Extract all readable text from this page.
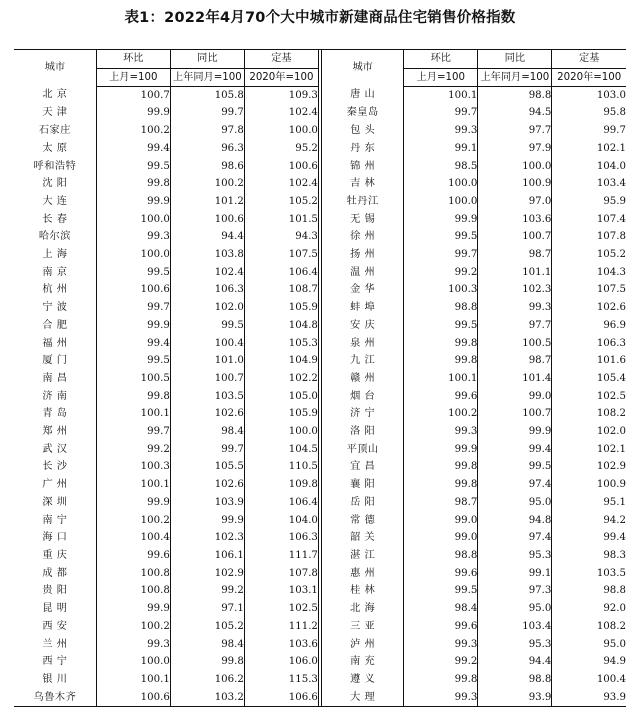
表1：2022年4月70个大中城市新建商品住宅销售价格指数
城市	环比	同比	定基		城市	环比	同比	定基
	上月=100	上年同月=100	2020年=100			上月=100	上年同月=100	2020年=100
北 京	100.7	105.8	109.3		唐 山	100.1	98.8	103.0
天 津	99.9	99.7	102.4		秦皇岛	99.7	94.5	95.8
石家庄	100.2	97.8	100.0		包 头	99.3	97.7	99.7
太 原	99.4	96.3	95.2		丹 东	99.1	97.9	102.1
呼和浩特	99.5	98.6	100.6		锦 州	98.5	100.0	104.0
沈 阳	99.8	100.2	102.4		吉 林	100.0	100.9	103.4
大 连	99.9	101.2	105.2		牡丹江	100.0	97.0	95.9
长 春	100.0	100.6	101.5		无 锡	99.9	103.6	107.4
哈尔滨	99.3	94.4	94.3		徐 州	99.5	100.7	107.8
上 海	100.0	103.8	107.5		扬 州	99.7	98.7	105.2
南 京	99.5	102.4	106.4		温 州	99.2	101.1	104.3
杭 州	100.6	106.3	108.7		金 华	100.3	102.3	107.5
宁 波	99.7	102.0	105.9		蚌 埠	98.8	99.3	102.6
合 肥	99.9	99.5	104.8		安 庆	99.5	97.7	96.9
福 州	99.4	100.4	105.3		泉 州	99.8	100.5	106.3
厦 门	99.5	101.0	104.9		九 江	99.8	98.7	101.6
南 昌	100.5	100.7	102.2		赣 州	100.1	101.4	105.4
济 南	99.8	103.5	105.0		烟 台	99.6	99.0	102.5
青 岛	100.1	102.6	105.9		济 宁	100.2	100.7	108.2
郑 州	99.7	98.4	100.0		洛 阳	99.3	99.9	102.0
武 汉	99.2	99.7	104.5		平顶山	99.9	99.4	102.1
长 沙	100.3	105.5	110.5		宜 昌	99.8	99.5	102.9
广 州	100.1	102.6	109.8		襄 阳	99.8	97.4	100.9
深 圳	99.9	103.9	106.4		岳 阳	98.7	95.0	95.1
南 宁	100.2	99.9	104.0		常 德	99.0	94.8	94.2
海 口	100.4	102.3	106.3		韶 关	99.0	97.4	99.4
重 庆	99.6	106.1	111.7		湛 江	98.8	95.3	98.3
成 都	100.8	102.9	107.8		惠 州	99.6	99.1	103.5
贵 阳	100.8	99.2	103.1		桂 林	99.5	97.3	98.8
昆 明	99.9	97.1	102.5		北 海	98.4	95.0	92.0
西 安	100.2	105.2	111.2		三 亚	99.6	103.4	108.2
兰 州	99.3	98.4	103.6		泸 州	99.3	95.3	95.0
西 宁	100.0	99.8	106.0		南 充	99.2	94.4	94.9
银 川	100.1	106.2	115.3		遵 义	99.8	98.8	100.4
乌鲁木齐	100.6	103.2	106.6		大 理	99.3	93.9	93.9
